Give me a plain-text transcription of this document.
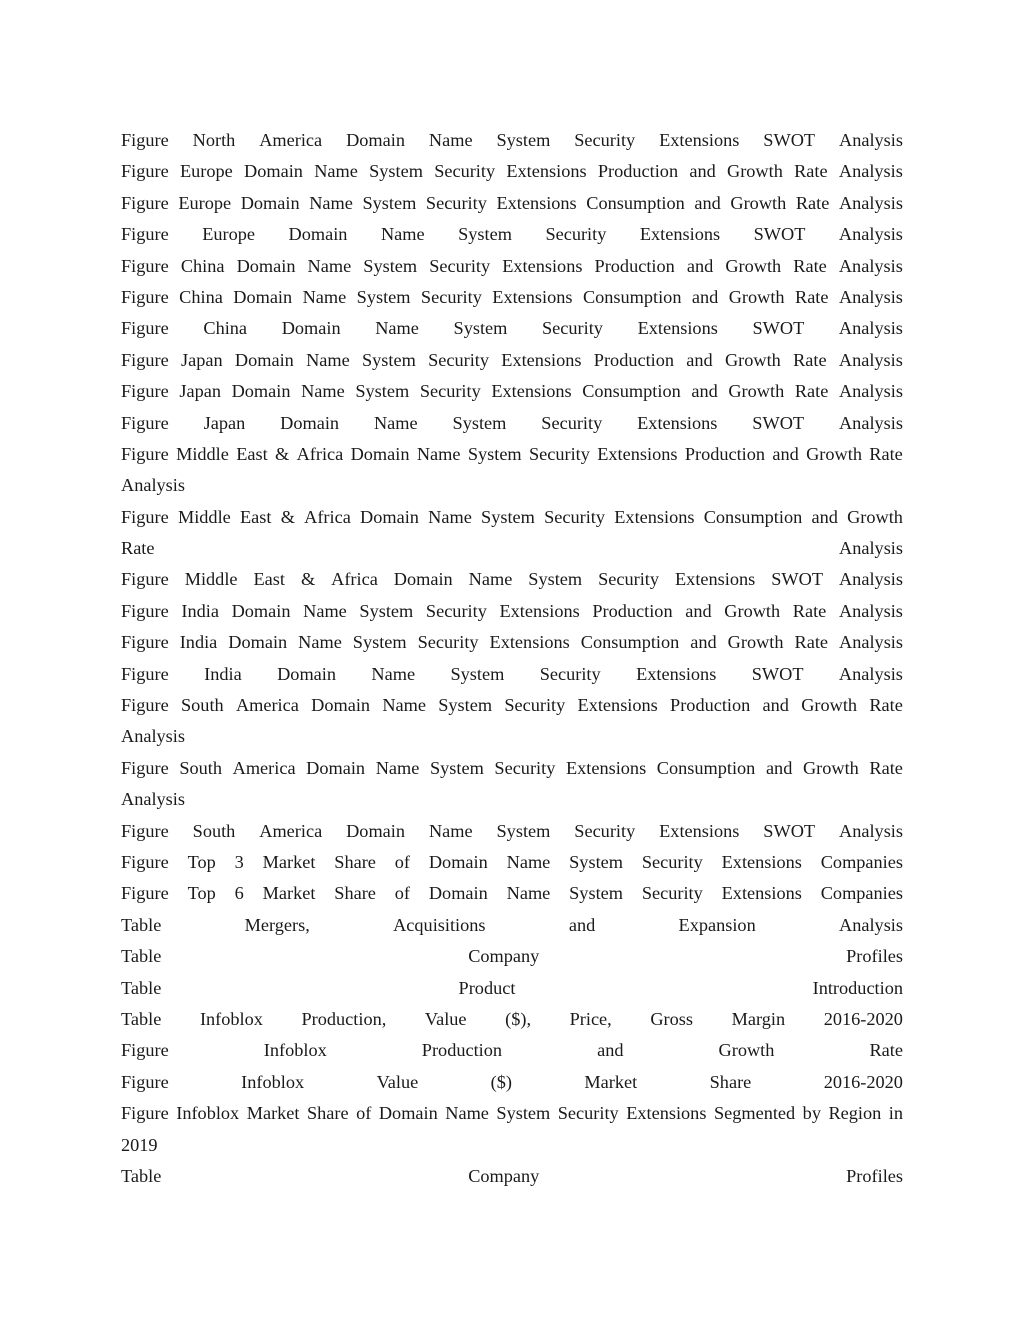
Figure North America Domain Name System Security Extensions SWOT Analysis
Figure Europe Domain Name System Security Extensions Production and Growth Rate Analysis
Figure Europe Domain Name System Security Extensions Consumption and Growth Rate Analysis
Figure Europe Domain Name System Security Extensions SWOT Analysis
Figure China Domain Name System Security Extensions Production and Growth Rate Analysis
Figure China Domain Name System Security Extensions Consumption and Growth Rate Analysis
Figure China Domain Name System Security Extensions SWOT Analysis
Figure Japan Domain Name System Security Extensions Production and Growth Rate Analysis
Figure Japan Domain Name System Security Extensions Consumption and Growth Rate Analysis
Figure Japan Domain Name System Security Extensions SWOT Analysis
Figure Middle East & Africa Domain Name System Security Extensions Production and Growth Rate
Analysis
Figure Middle East & Africa Domain Name System Security Extensions Consumption and Growth
Rate	Analysis
Figure Middle East & Africa Domain Name System Security Extensions SWOT Analysis
Figure India Domain Name System Security Extensions Production and Growth Rate Analysis
Figure India Domain Name System Security Extensions Consumption and Growth Rate Analysis
Figure India Domain Name System Security Extensions SWOT Analysis
Figure South America Domain Name System Security Extensions Production and Growth Rate
Analysis
Figure South America Domain Name System Security Extensions Consumption and Growth Rate
Analysis
Figure South America Domain Name System Security Extensions SWOT Analysis
Figure Top 3 Market Share of Domain Name System Security Extensions Companies
Figure Top 6 Market Share of Domain Name System Security Extensions Companies
Table	Mergers,	Acquisitions	and	Expansion	Analysis
Table	Company	Profiles
Table	Product	Introduction
Table Infoblox Production, Value ($), Price, Gross Margin 2016-2020
Figure	Infoblox	Production	and	Growth	Rate
Figure	Infoblox	Value	($)	Market	Share	2016-2020
Figure Infoblox Market Share of Domain Name System Security Extensions Segmented by Region in
2019
Table	Company	Profiles
